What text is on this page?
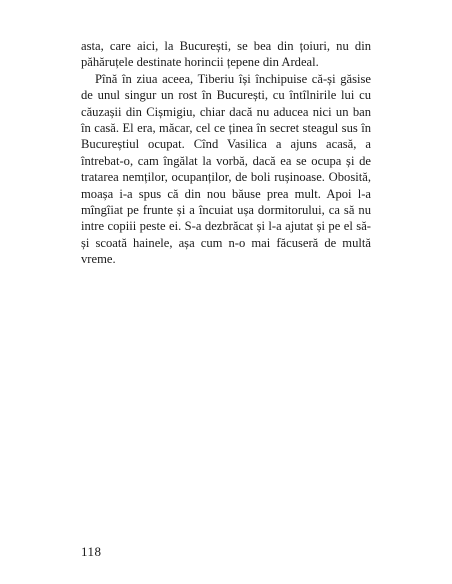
asta, care aici, la București, se bea din țoiuri, nu din păhăruțele destinate horincii țepene din Ardeal.

Pînă în ziua aceea, Tiberiu își închipuise că-și găsise de unul singur un rost în București, cu întîlnirile lui cu căuzașii din Cișmigiu, chiar dacă nu aducea nici un ban în casă. El era, măcar, cel ce ținea în secret steagul sus în Bucureștiul ocupat. Cînd Vasilica a ajuns acasă, a întrebat-o, cam îngălat la vorbă, dacă ea se ocupa și de tratarea nemților, ocupanților, de boli rușinoase. Obosită, moașa i-a spus că din nou băuse prea mult. Apoi l-a mîngîiat pe frunte și a încuiat ușa dormitorului, ca să nu intre copiii peste ei. S-a dezbrăcat și l-a ajutat și pe el să-și scoată hainele, așa cum n-o mai făcuseră de multă vreme.

118
